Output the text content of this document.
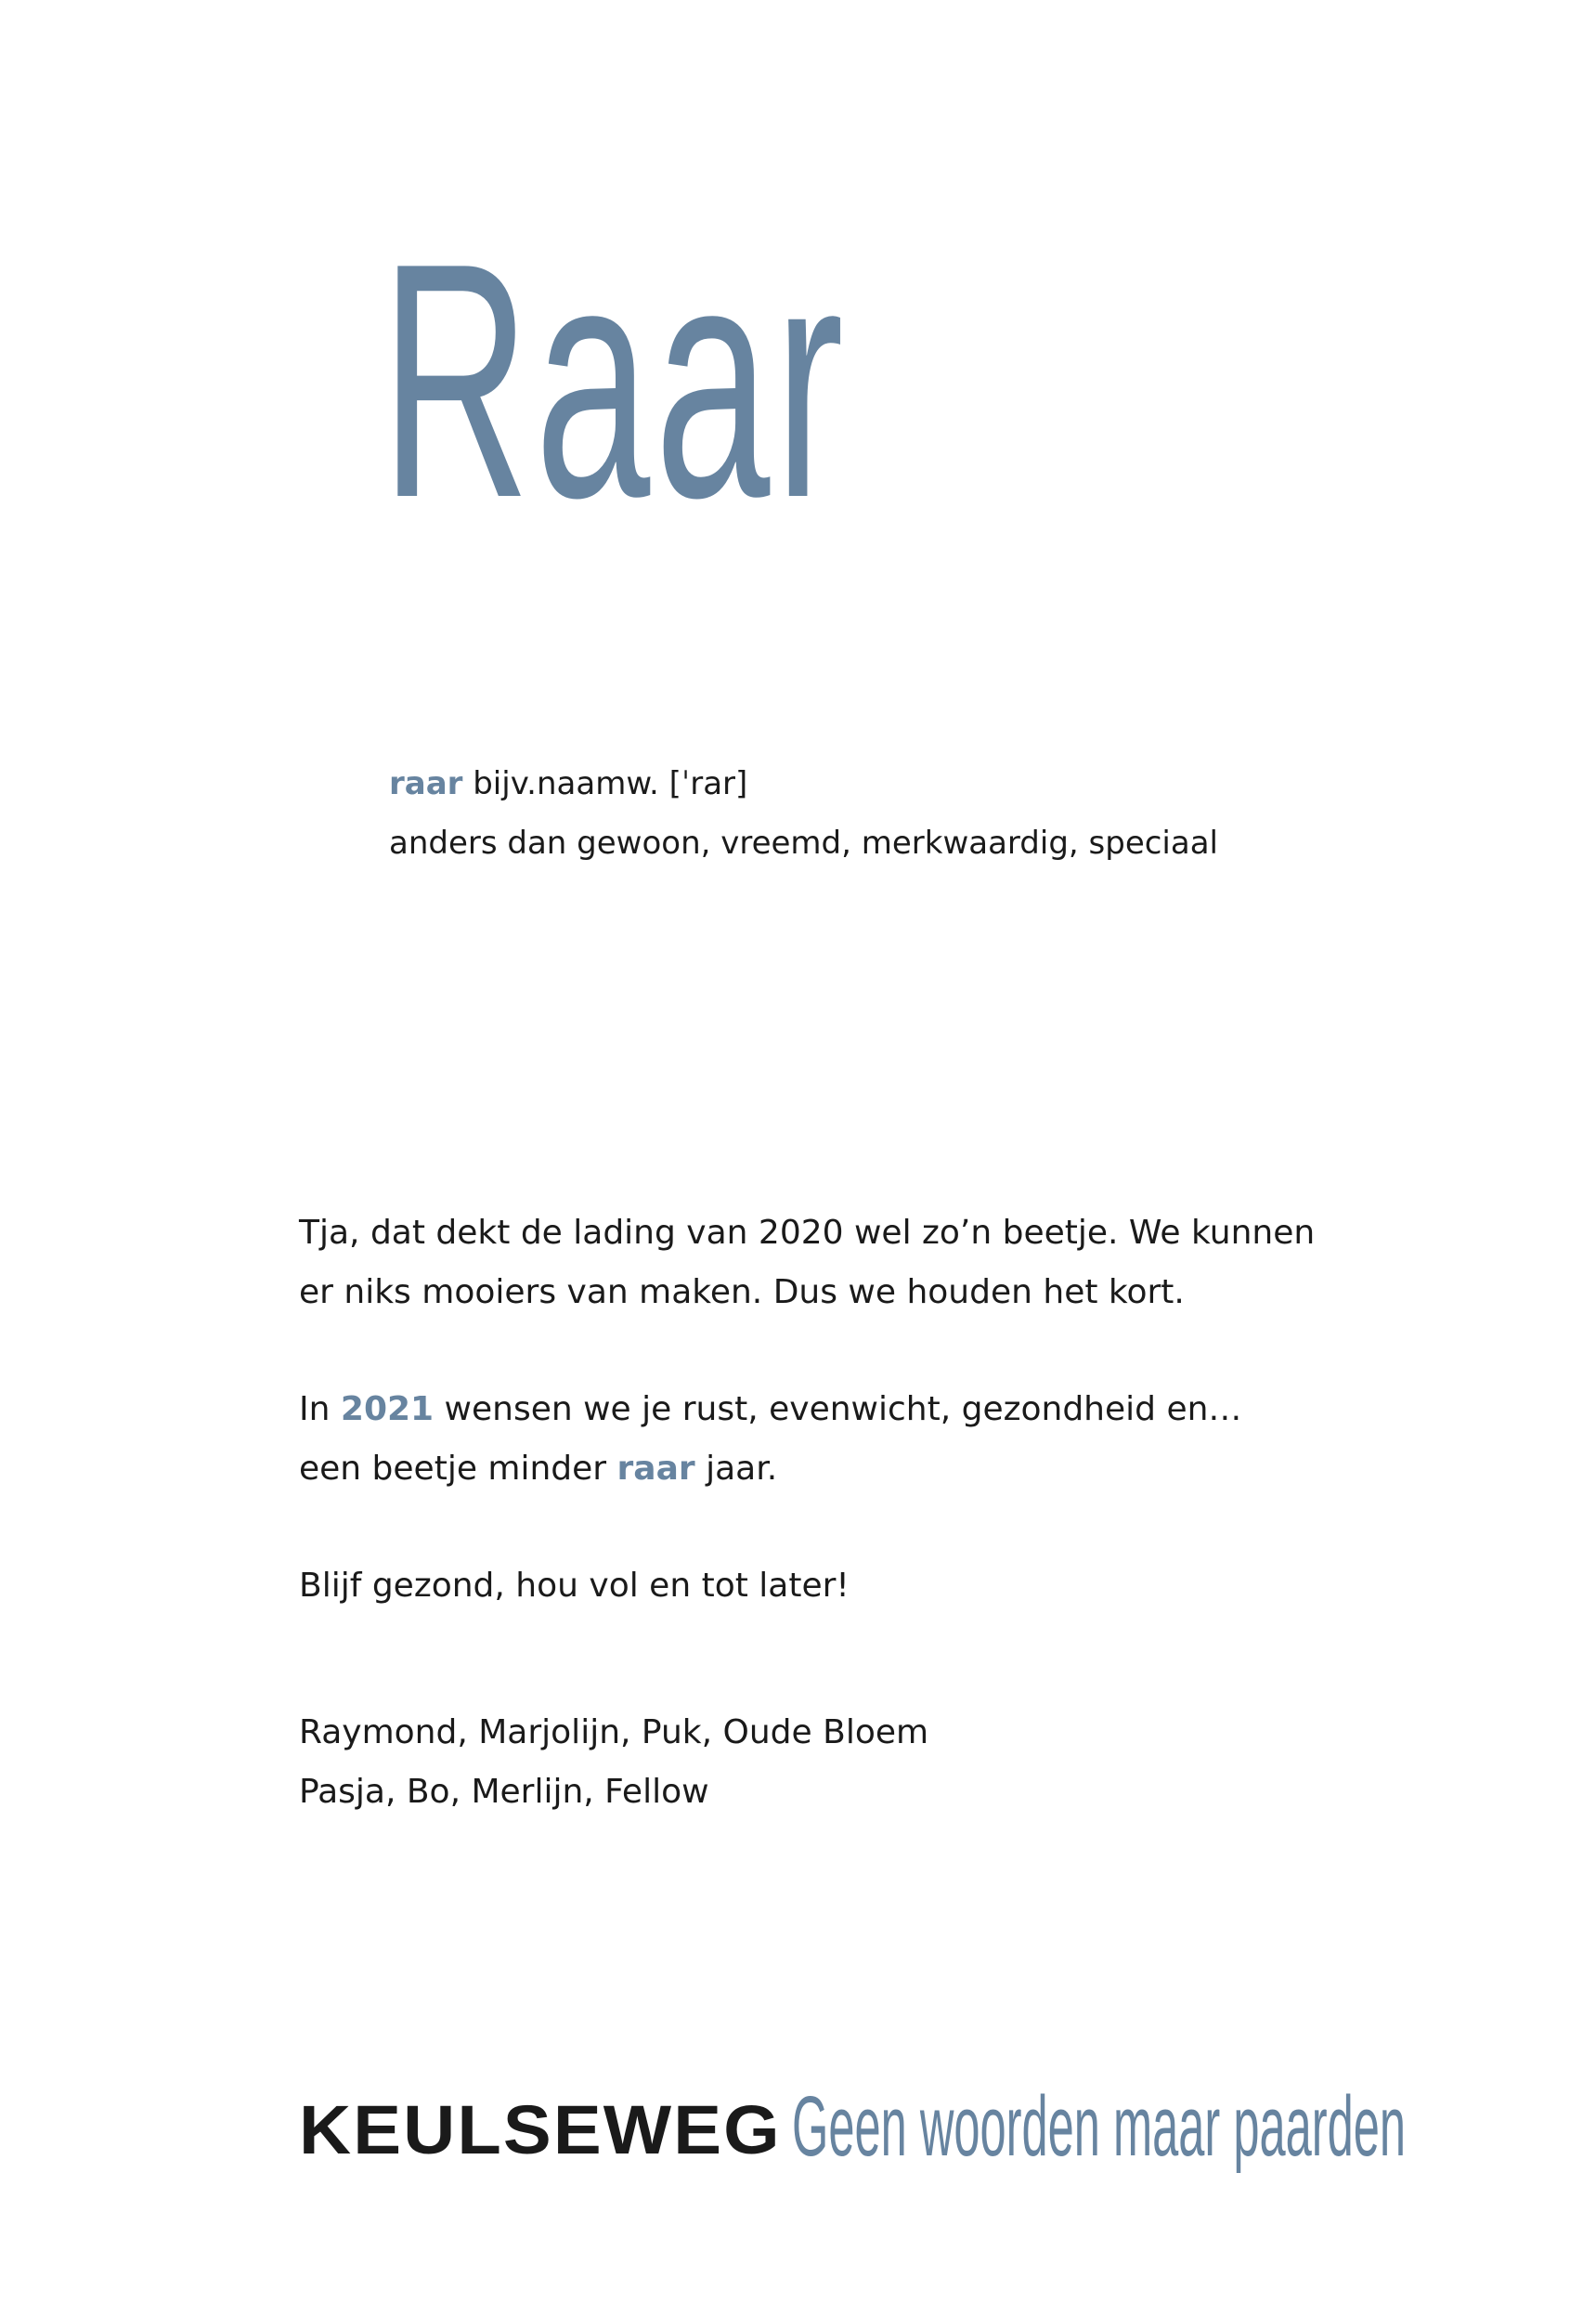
Raar
raar bijv.naamw. [ˈrar]
anders dan gewoon, vreemd, merkwaardig, speciaal
Tja, dat dekt de lading van 2020 wel zo’n beetje. We kunnen
er niks mooiers van maken. Dus we houden het kort.
In 2021 wensen we je rust, evenwicht, gezondheid en…
een beetje minder raar jaar.
Blijf gezond, hou vol en tot later!
Raymond, Marjolijn, Puk, Oude Bloem
Pasja, Bo, Merlijn, Fellow
KEULSEWEG Geen woorden maar paarden
